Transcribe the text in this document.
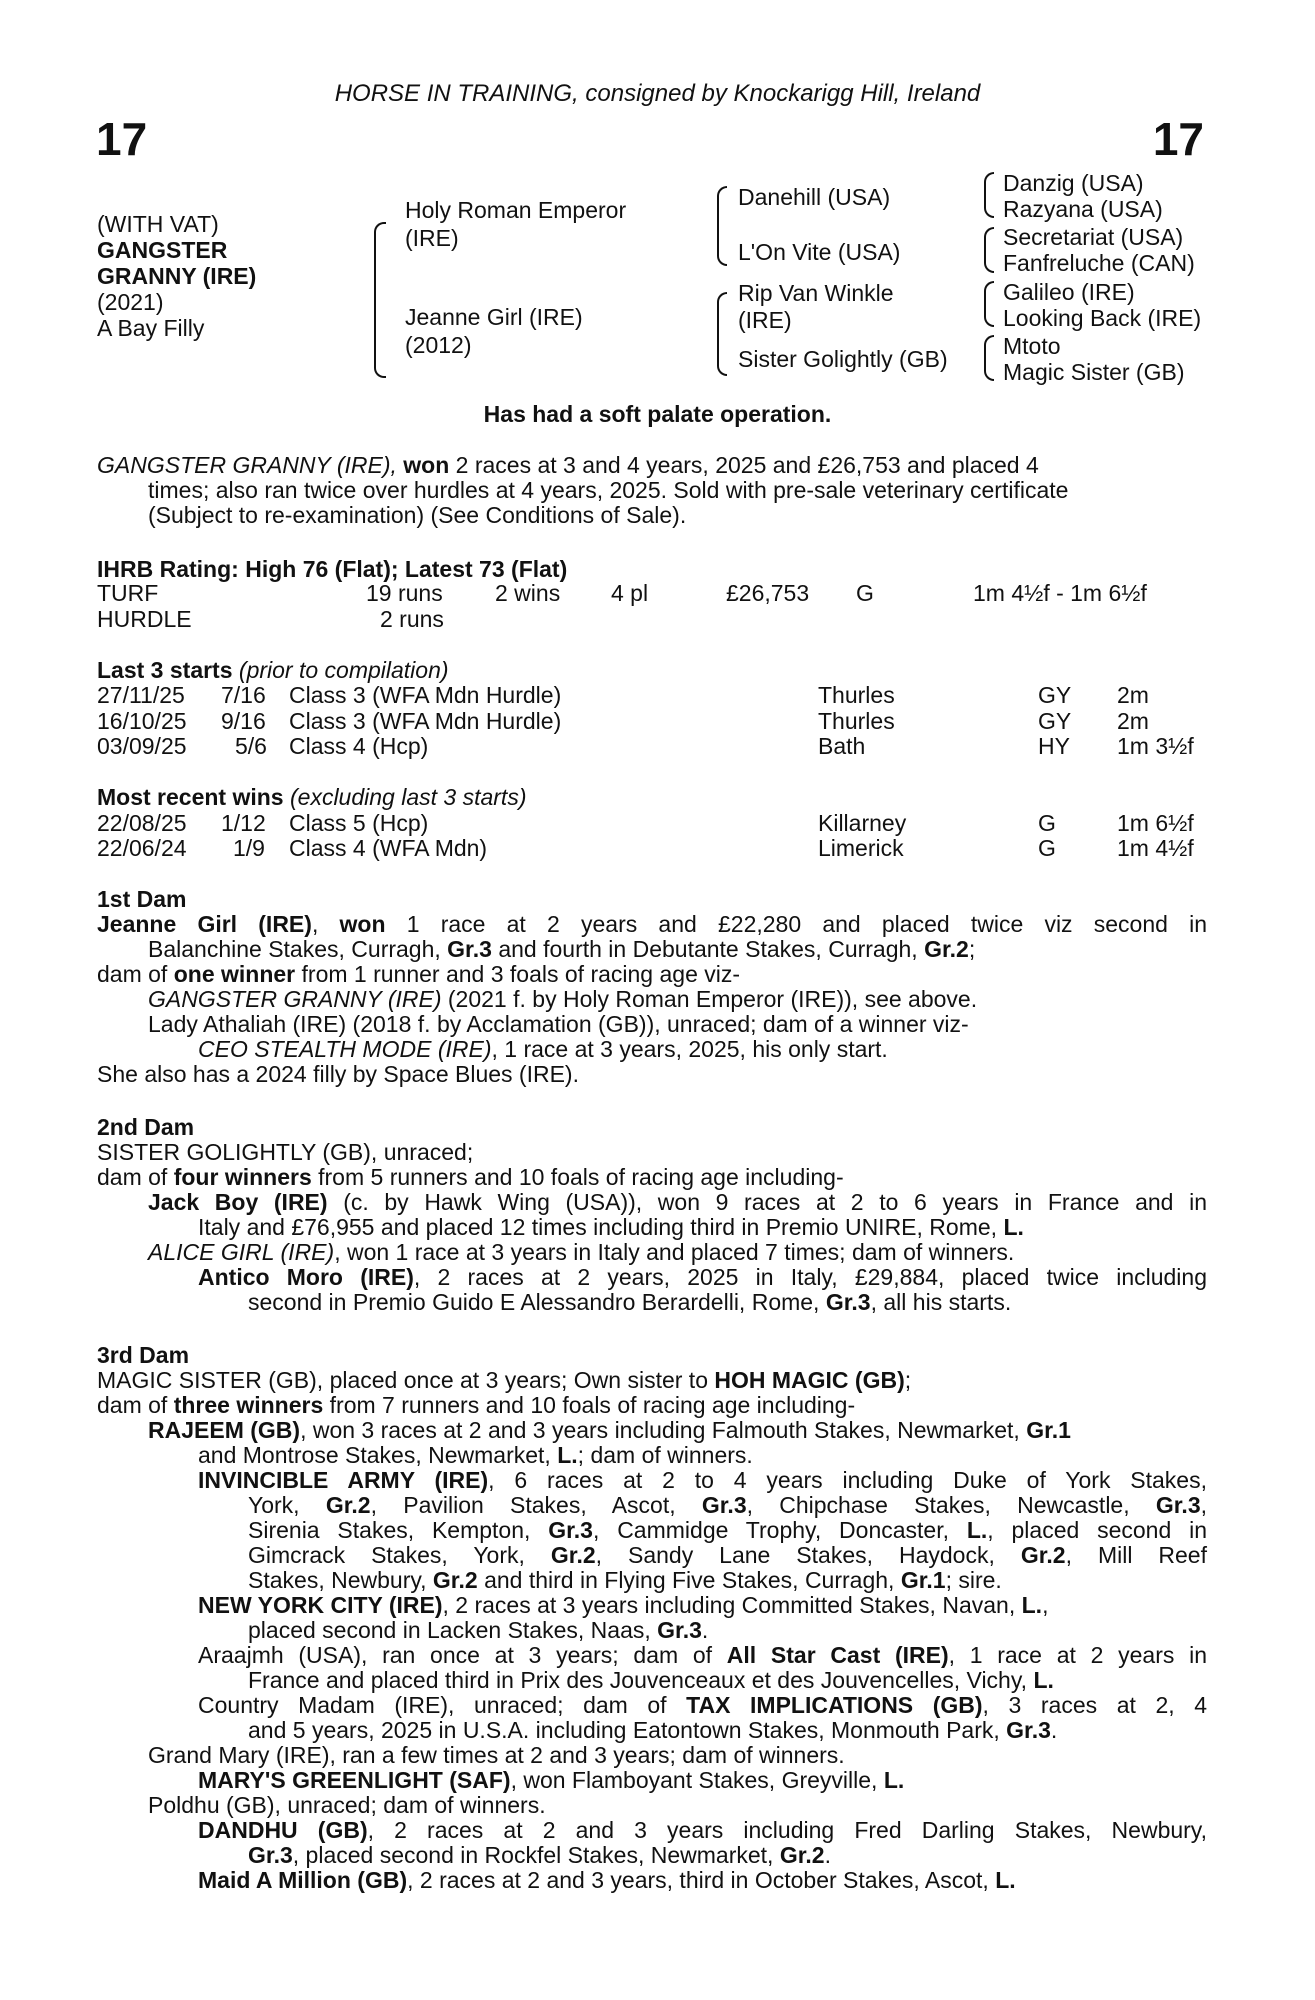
HORSE IN TRAINING, consigned by Knockarigg Hill, Ireland
17	17
(WITH VAT)
GANGSTER
GRANNY (IRE)
(2021)
A Bay Filly
Holy Roman Emperor
(IRE)
Jeanne Girl (IRE)
(2012)
Danehill (USA)
L'On Vite (USA)
Rip Van Winkle
(IRE)
Sister Golightly (GB)
Danzig (USA)
Razyana (USA)
Secretariat (USA)
Fanfreluche (CAN)
Galileo (IRE)
Looking Back (IRE)
Mtoto
Magic Sister (GB)
Has had a soft palate operation.
GANGSTER GRANNY (IRE), won 2 races at 3 and 4 years, 2025 and £26,753 and placed 4
times; also ran twice over hurdles at 4 years, 2025. Sold with pre-sale veterinary certificate
(Subject to re-examination) (See Conditions of Sale).
IHRB Rating: High 76 (Flat); Latest 73 (Flat)
TURF	19 runs 2 wins 4 pl	£26,753 G	1m 4½f - 1m 6½f
HURDLE	2 runs
Last 3 starts (prior to compilation)
27/11/25 7/16 Class 3 (WFA Mdn Hurdle)	Thurles	GY 2m
16/10/25 9/16 Class 3 (WFA Mdn Hurdle)	Thurles	GY 2m
03/09/25 5/6 Class 4 (Hcp)	Bath	HY 1m 3½f
Most recent wins (excluding last 3 starts)
22/08/25 1/12 Class 5 (Hcp)	Killarney	G	1m 6½f
22/06/24 1/9 Class 4 (WFA Mdn)	Limerick	G	1m 4½f
1st Dam
Jeanne Girl (IRE), won 1 race at 2 years and £22,280 and placed twice viz second in
Balanchine Stakes, Curragh, Gr.3 and fourth in Debutante Stakes, Curragh, Gr.2;
dam of one winner from 1 runner and 3 foals of racing age viz-
GANGSTER GRANNY (IRE) (2021 f. by Holy Roman Emperor (IRE)), see above.
Lady Athaliah (IRE) (2018 f. by Acclamation (GB)), unraced; dam of a winner viz-
CEO STEALTH MODE (IRE), 1 race at 3 years, 2025, his only start.
She also has a 2024 filly by Space Blues (IRE).
2nd Dam
SISTER GOLIGHTLY (GB), unraced;
dam of four winners from 5 runners and 10 foals of racing age including-
Jack Boy (IRE) (c. by Hawk Wing (USA)), won 9 races at 2 to 6 years in France and in
Italy and £76,955 and placed 12 times including third in Premio UNIRE, Rome, L.
ALICE GIRL (IRE), won 1 race at 3 years in Italy and placed 7 times; dam of winners.
Antico Moro (IRE), 2 races at 2 years, 2025 in Italy, £29,884, placed twice including
second in Premio Guido E Alessandro Berardelli, Rome, Gr.3, all his starts.
3rd Dam
MAGIC SISTER (GB), placed once at 3 years; Own sister to HOH MAGIC (GB);
dam of three winners from 7 runners and 10 foals of racing age including-
RAJEEM (GB), won 3 races at 2 and 3 years including Falmouth Stakes, Newmarket, Gr.1
and Montrose Stakes, Newmarket, L.; dam of winners.
INVINCIBLE ARMY (IRE), 6 races at 2 to 4 years including Duke of York Stakes,
York, Gr.2, Pavilion Stakes, Ascot, Gr.3, Chipchase Stakes, Newcastle, Gr.3,
Sirenia Stakes, Kempton, Gr.3, Cammidge Trophy, Doncaster, L., placed second in
Gimcrack Stakes, York, Gr.2, Sandy Lane Stakes, Haydock, Gr.2, Mill Reef
Stakes, Newbury, Gr.2 and third in Flying Five Stakes, Curragh, Gr.1; sire.
NEW YORK CITY (IRE), 2 races at 3 years including Committed Stakes, Navan, L.,
placed second in Lacken Stakes, Naas, Gr.3.
Araajmh (USA), ran once at 3 years; dam of All Star Cast (IRE), 1 race at 2 years in
France and placed third in Prix des Jouvenceaux et des Jouvencelles, Vichy, L.
Country Madam (IRE), unraced; dam of TAX IMPLICATIONS (GB), 3 races at 2, 4
and 5 years, 2025 in U.S.A. including Eatontown Stakes, Monmouth Park, Gr.3.
Grand Mary (IRE), ran a few times at 2 and 3 years; dam of winners.
MARY'S GREENLIGHT (SAF), won Flamboyant Stakes, Greyville, L.
Poldhu (GB), unraced; dam of winners.
DANDHU (GB), 2 races at 2 and 3 years including Fred Darling Stakes, Newbury,
Gr.3, placed second in Rockfel Stakes, Newmarket, Gr.2.
Maid A Million (GB), 2 races at 2 and 3 years, third in October Stakes, Ascot, L.
